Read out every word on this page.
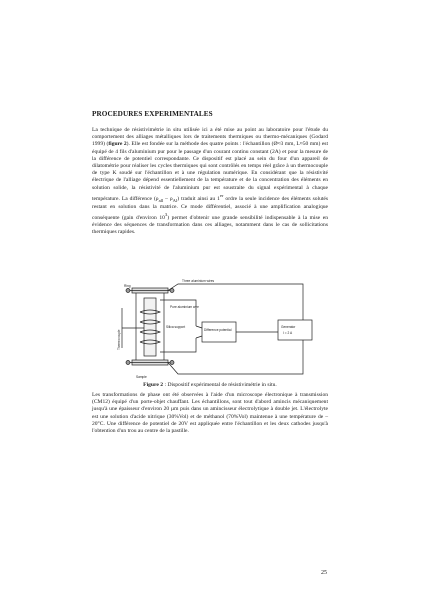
PROCEDURES EXPERIMENTALES

La technique de résistivimétrie in situ utilisée ici a été mise au point au laboratoire pour l'étude du comportement des alliages métalliques lors de traitements thermiques ou thermo-mécaniques (Godard 1999) (figure 2). Elle est fondée sur la méthode des quatre points : l'échantillon (Ø≈3 mm, L≈50 mm) est équipé de 4 fils d'aluminium pur pour le passage d'un courant continu constant (2A) et pour la mesure de la différence de potentiel correspondante. Ce dispositif est placé au sein du four d'un appareil de dilatométrie pour réaliser les cycles thermiques qui sont contrôlés en temps réel grâce à un thermocouple de type K soudé sur l'échantillon et à une régulation numérique. En considérant que la résistivité électrique de l'alliage dépend essentiellement de la température et de la concentration des éléments en solution solide, la résistivité de l'aluminium pur est soustraite du signal expérimental à chaque température. La différence $(\rho_{all} - \rho_{Al})$ traduit ainsi au 1er ordre la seule incidence des éléments solutés restant en solution dans la matrice. Ce mode différentiel, associé à une amplification analogique conséquente (gain d'environ $10^3$) permet d'obtenir une grande sensibilité indispensable à la mise en évidence des séquences de transformation dans ces alliages, notamment dans le cas de sollicitations thermiques rapides.

Ring
Three aluminium wires
Pure aluminium wire
Silica support
Thermocouple	Difference potential
Generator
I = 2 A
Sample
Figure 2 : Dispositif expérimental de résistivimétrie in situ.

Les transformations de phase ont été observées à l'aide d'un microscope électronique à transmission (CM12) équipé d'un porte-objet chauffant. Les échantillons, sont tout d'abord amincis mécaniquement jusqu'à une épaisseur d'environ 20 µm puis dans un amincisseur électrolytique à double jet. L'électrolyte est une solution d'acide nitrique (30%Vol) et de méthanol (70%Vol) maintenue à une température de –20°C. Une différence de potentiel de 20V est appliquée entre l'échantillon et les deux cathodes jusqu'à l'obtention d'un trou au centre de la pastille.

25
